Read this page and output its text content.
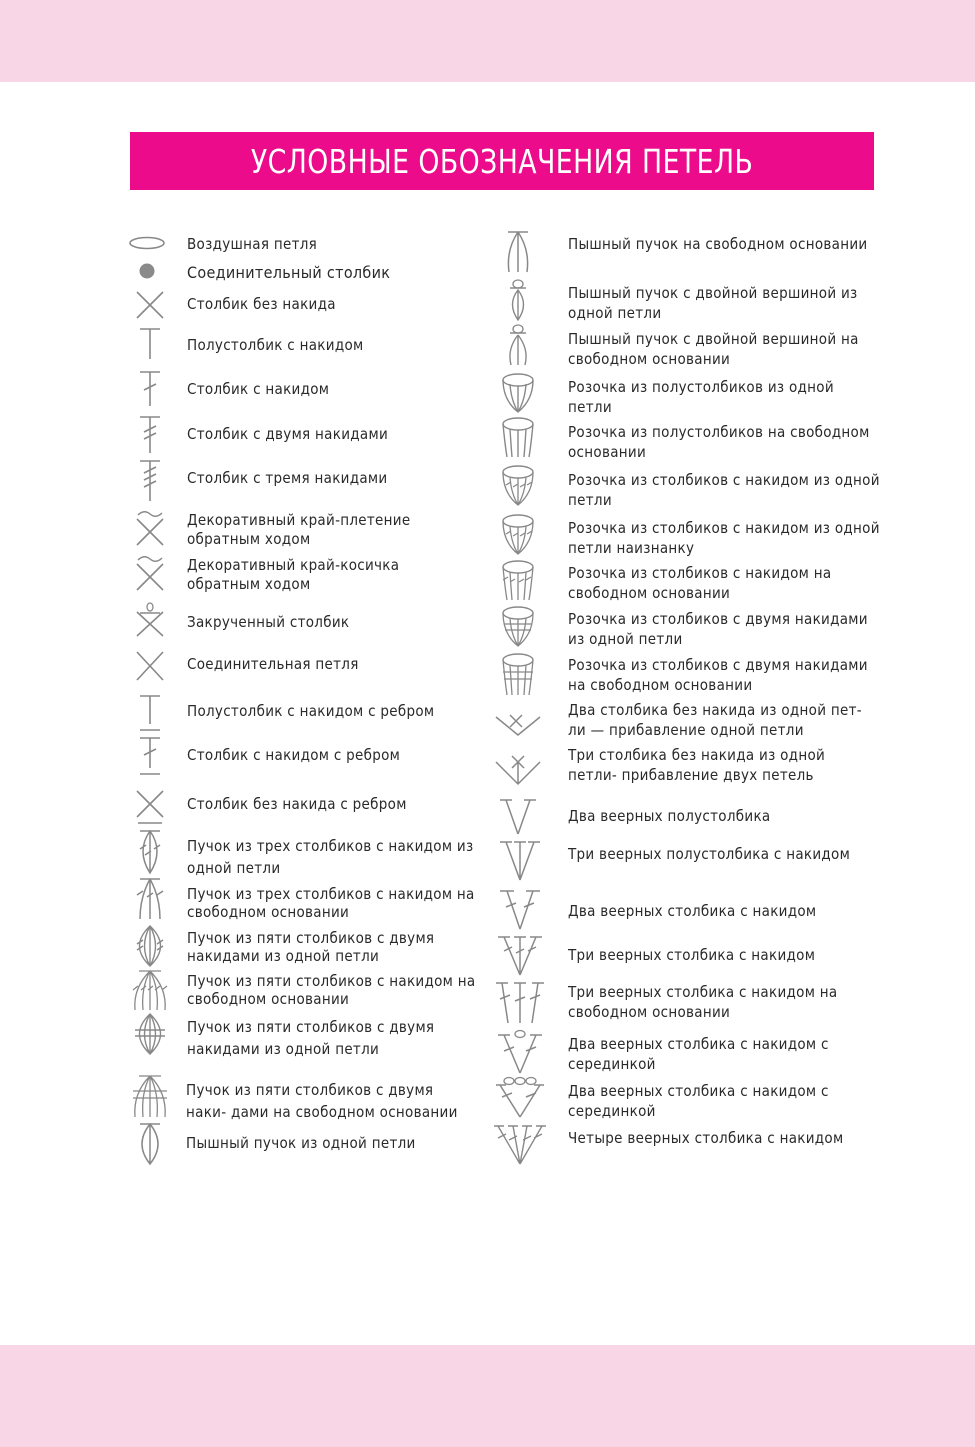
УСЛОВНЫЕ ОБОЗНАЧЕНИЯ ПЕТЕЛЬ
Воздушная петля
Соединительный столбик
Столбик без накида
Полустолбик с накидом
Столбик с накидом
Столбик с двумя накидами
Столбик с тремя накидами
Декоративный край-плетение обратным ходом
Декоративный край-косичка обратным ходом
Закрученный столбик
Соединительная петля
Полустолбик с накидом с ребром
Столбик с накидом с ребром
Столбик без накида с ребром
Пучок из трех столбиков с накидом из одной петли
Пучок из трех столбиков с накидом на свободном основании
Пучок из пяти столбиков с двумя накидами из одной петли
Пучок из пяти столбиков с накидом на свободном основании
Пучок из пяти столбиков с двумя накидами из одной петли
Пучок из пяти столбиков с двумя наки- дами на свободном основании
Пышный пучок из одной петли
Пышный пучок на свободном основании
Пышный пучок с двойной вершиной из одной петли
Пышный пучок с двойной вершиной на свободном основании
Розочка из полустолбиков из одной петли
Розочка из полустолбиков на свободном основании
Розочка из столбиков с накидом из одной петли
Розочка из столбиков с накидом из одной петли наизнанку
Розочка из столбиков с накидом на свободном основании
Розочка из столбиков с двумя накидами из одной петли
Розочка из столбиков с двумя накидами на свободном основании
Два столбика без накида из одной пет- ли — прибавление одной петли
Три столбика без накида из одной петли- прибавление двух петель
Два веерных полустолбика
Три веерных полустолбика с накидом
Два веерных столбика с накидом
Три веерных столбика с накидом
Три веерных столбика с накидом на свободном основании
Два веерных столбика с накидом с серединкой
Два веерных столбика с накидом с серединкой
Четыре веерных столбика с накидом
